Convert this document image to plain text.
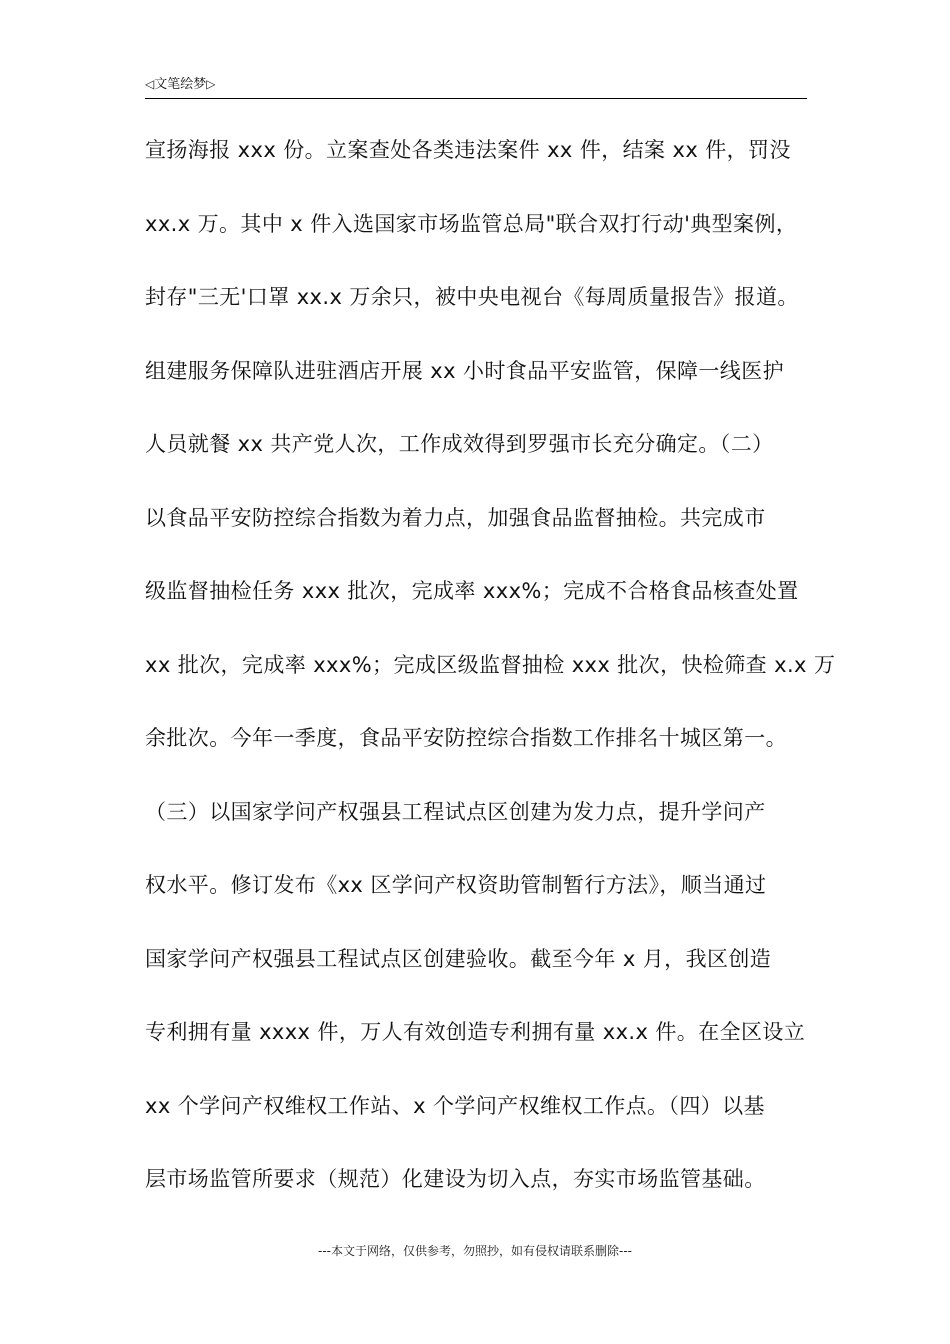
◁文笔绘梦▷
宣扬海报 xxx 份。立案查处各类违法案件 xx 件，结案 xx 件，罚没
xx.x 万。其中 x 件入选国家市场监管总局"联合双打行动'典型案例，
封存"三无'口罩 xx.x 万余只，被中央电视台《每周质量报告》报道。
组建服务保障队进驻酒店开展 xx 小时食品平安监管，保障一线医护
人员就餐 xx 共产党人次，工作成效得到罗强市长充分确定。（二）
以食品平安防控综合指数为着力点，加强食品监督抽检。共完成市
级监督抽检任务 xxx 批次，完成率 xxx%；完成不合格食品核查处置
xx 批次，完成率 xxx%；完成区级监督抽检 xxx 批次，快检筛查 x.x 万
余批次。今年一季度，食品平安防控综合指数工作排名十城区第一。
（三）以国家学问产权强县工程试点区创建为发力点，提升学问产
权水平。修订发布《xx 区学问产权资助管制暂行方法》，顺当通过
国家学问产权强县工程试点区创建验收。截至今年 x 月，我区创造
专利拥有量 xxxx 件，万人有效创造专利拥有量 xx.x 件。在全区设立
xx 个学问产权维权工作站、x 个学问产权维权工作点。（四）以基
层市场监管所要求（规范）化建设为切入点，夯实市场监管基础。
---本文于网络，仅供参考，勿照抄，如有侵权请联系删除---
